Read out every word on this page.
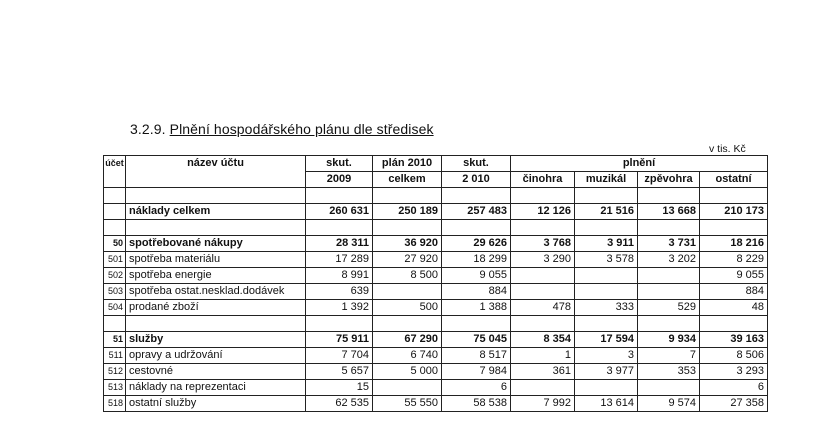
3.2.9. Plnění hospodářského plánu dle středisek
v tis. Kč
účet	název účtu	skut.	plán 2010	skut.	plnění			
		2009	celkem	2 010	činohra	muzikál	zpěvohra	ostatní

	náklady celkem	260 631	250 189	257 483	12 126	21 516	13 668	210 173

50	spotřebované nákupy	28 311	36 920	29 626	3 768	3 911	3 731	18 216
501	spotřeba materiálu	17 289	27 920	18 299	3 290	3 578	3 202	8 229
502	spotřeba energie	8 991	8 500	9 055				9 055
503	spotřeba ostat.nesklad.dodávek	639		884				884
504	prodané zboží	1 392	500	1 388	478	333	529	48

51	služby	75 911	67 290	75 045	8 354	17 594	9 934	39 163
511	opravy a udržování	7 704	6 740	8 517	1	3	7	8 506
512	cestovné	5 657	5 000	7 984	361	3 977	353	3 293
513	náklady na reprezentaci	15		6				6
518	ostatní služby	62 535	55 550	58 538	7 992	13 614	9 574	27 358
